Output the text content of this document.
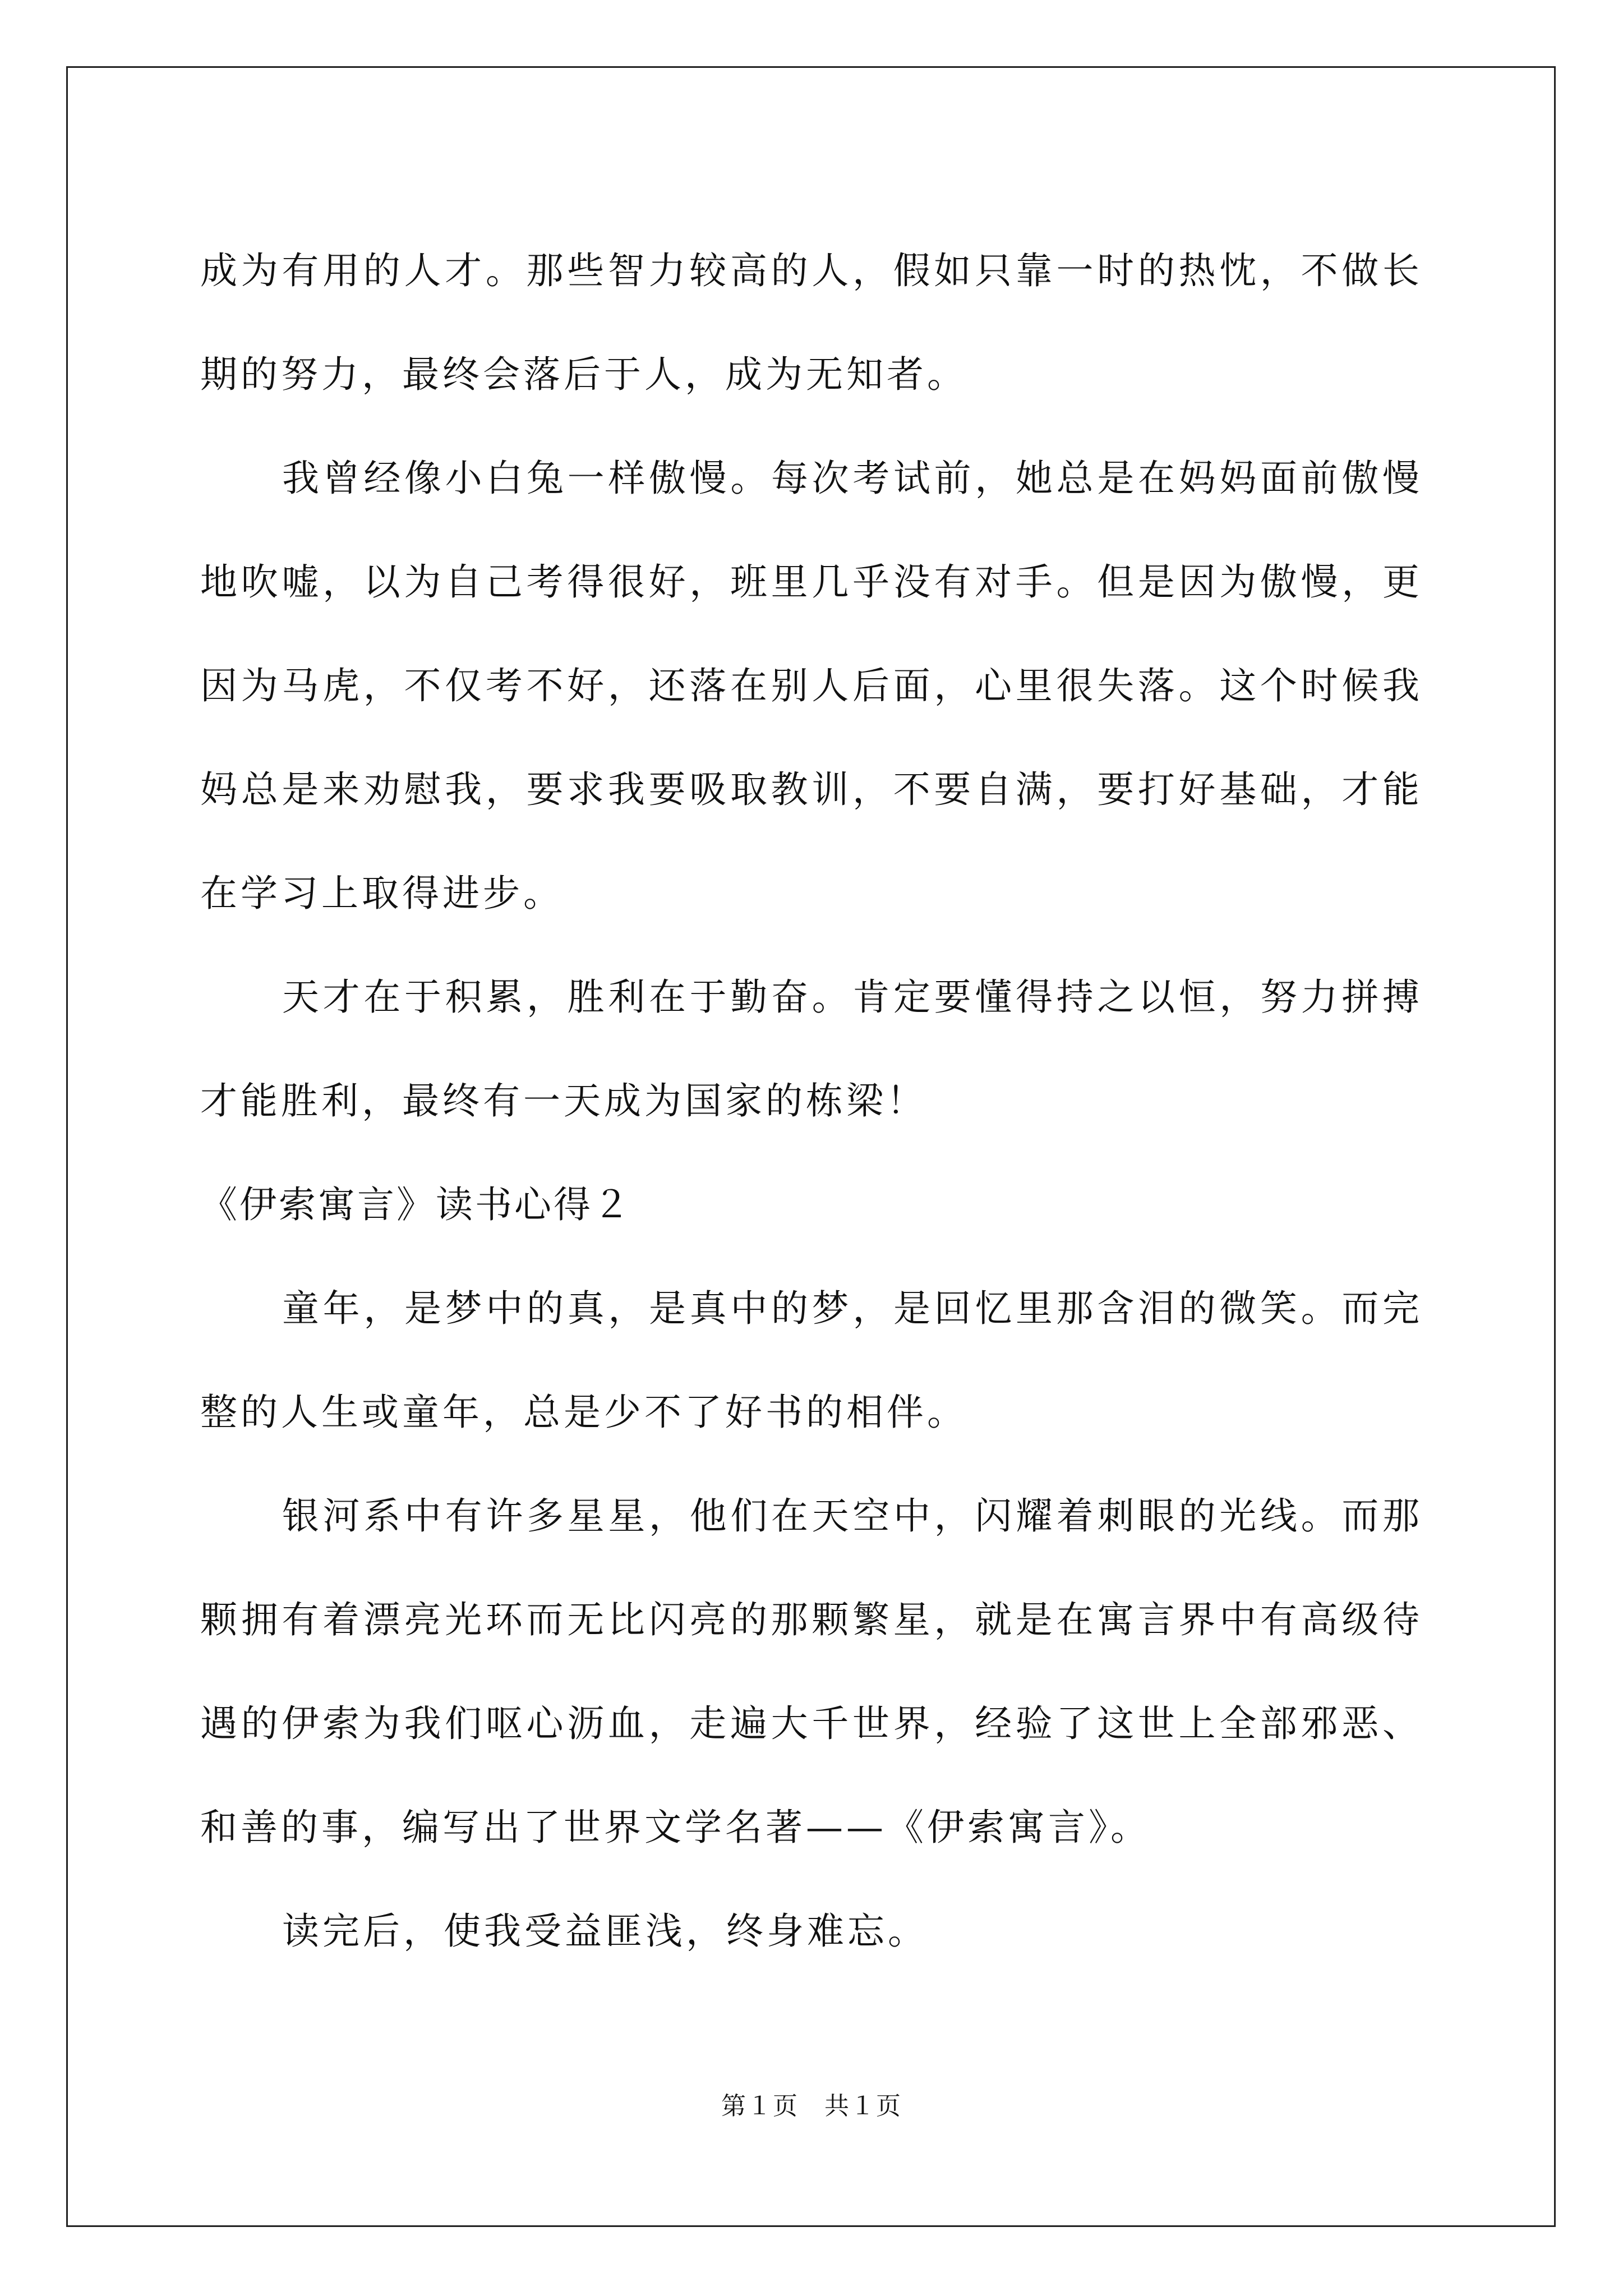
成为有用的人才。那些智力较高的人，假如只靠一时的热忱，不做长期的努力，最终会落后于人，成为无知者。

我曾经像小白兔一样傲慢。每次考试前，她总是在妈妈面前傲慢地吹嘘，以为自己考得很好，班里几乎没有对手。但是因为傲慢，更因为马虎，不仅考不好，还落在别人后面，心里很失落。这个时候我妈总是来劝慰我，要求我要吸取教训，不要自满，要打好基础，才能在学习上取得进步。

天才在于积累，胜利在于勤奋。肯定要懂得持之以恒，努力拼搏才能胜利，最终有一天成为国家的栋梁！

《伊索寓言》读书心得２

童年，是梦中的真，是真中的梦，是回忆里那含泪的微笑。而完整的人生或童年，总是少不了好书的相伴。

银河系中有许多星星，他们在天空中，闪耀着刺眼的光线。而那颗拥有着漂亮光环而无比闪亮的那颗繁星，就是在寓言界中有高级待遇的伊索为我们呕心沥血，走遍大千世界，经验了这世上全部邪恶、和善的事，编写出了世界文学名著——《伊索寓言》。

读完后，使我受益匪浅，终身难忘。

第１页 共１页
